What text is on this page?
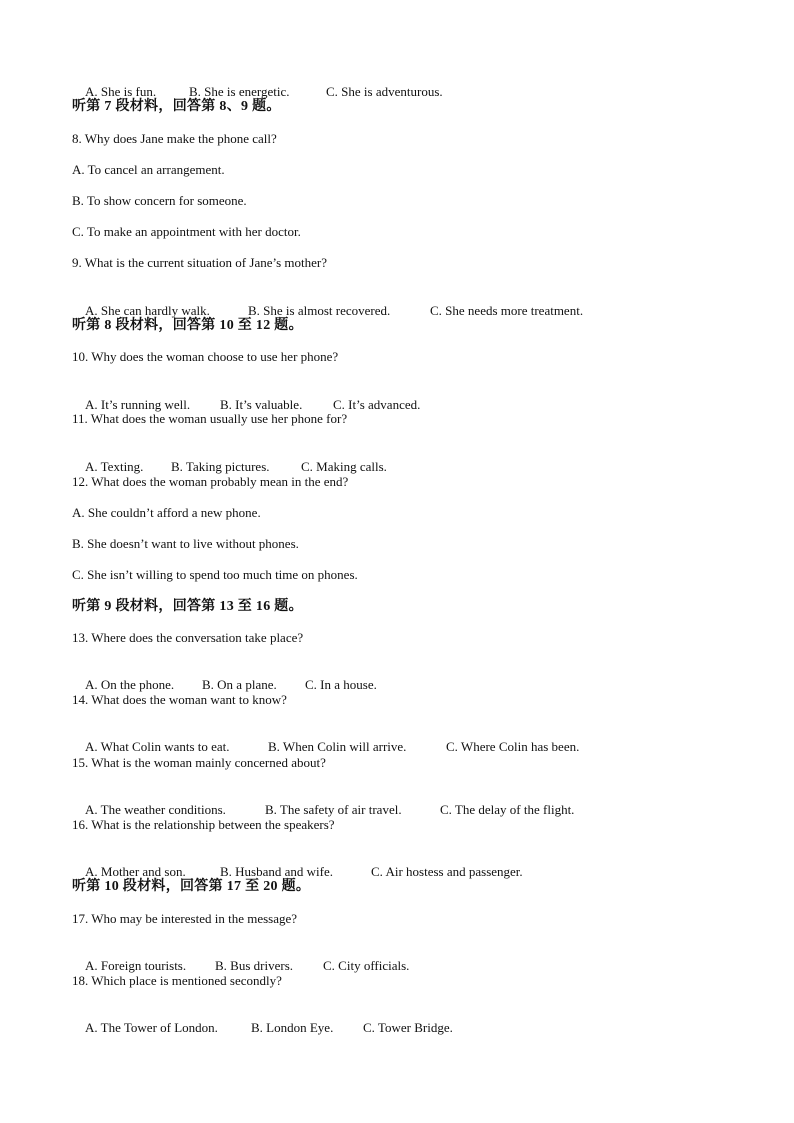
A. She is fun.	B. She is energetic.	C. She is adventurous.

听第 7 段材料，回答第 8、9 题。
8. Why does Jane make the phone call?
A. To cancel an arrangement.
B. To show concern for someone.
C. To make an appointment with her doctor.
9. What is the current situation of Jane’s mother?

A. She can hardly walk.	B. She is almost recovered.	C. She needs more treatment.

听第 8 段材料，回答第 10 至 12 题。
10. Why does the woman choose to use her phone?

A. It’s running well. B. It’s valuable. C. It’s advanced.

11. What does the woman usually use her phone for?

A. Texting. B. Taking pictures. C. Making calls.

12. What does the woman probably mean in the end?
A. She couldn’t afford a new phone.
B. She doesn’t want to live without phones.
C. She isn’t willing to spend too much time on phones.
听第 9 段材料，回答第 13 至 16 题。
13. Where does the conversation take place?

A. On the phone. B. On a plane. C. In a house.

14. What does the woman want to know?

A. What Colin wants to eat.	B. When Colin will arrive.	C. Where Colin has been.

15. What is the woman mainly concerned about?

A. The weather conditions.	B. The safety of air travel.	C. The delay of the flight.

16. What is the relationship between the speakers?

A. Mother and son.	B. Husband and wife.	C. Air hostess and passenger.

听第 10 段材料，回答第 17 至 20 题。
17. Who may be interested in the message?

A. Foreign tourists. B. Bus drivers. C. City officials.

18. Which place is mentioned secondly?

A. The Tower of London.	B. London Eye. C. Tower Bridge.
